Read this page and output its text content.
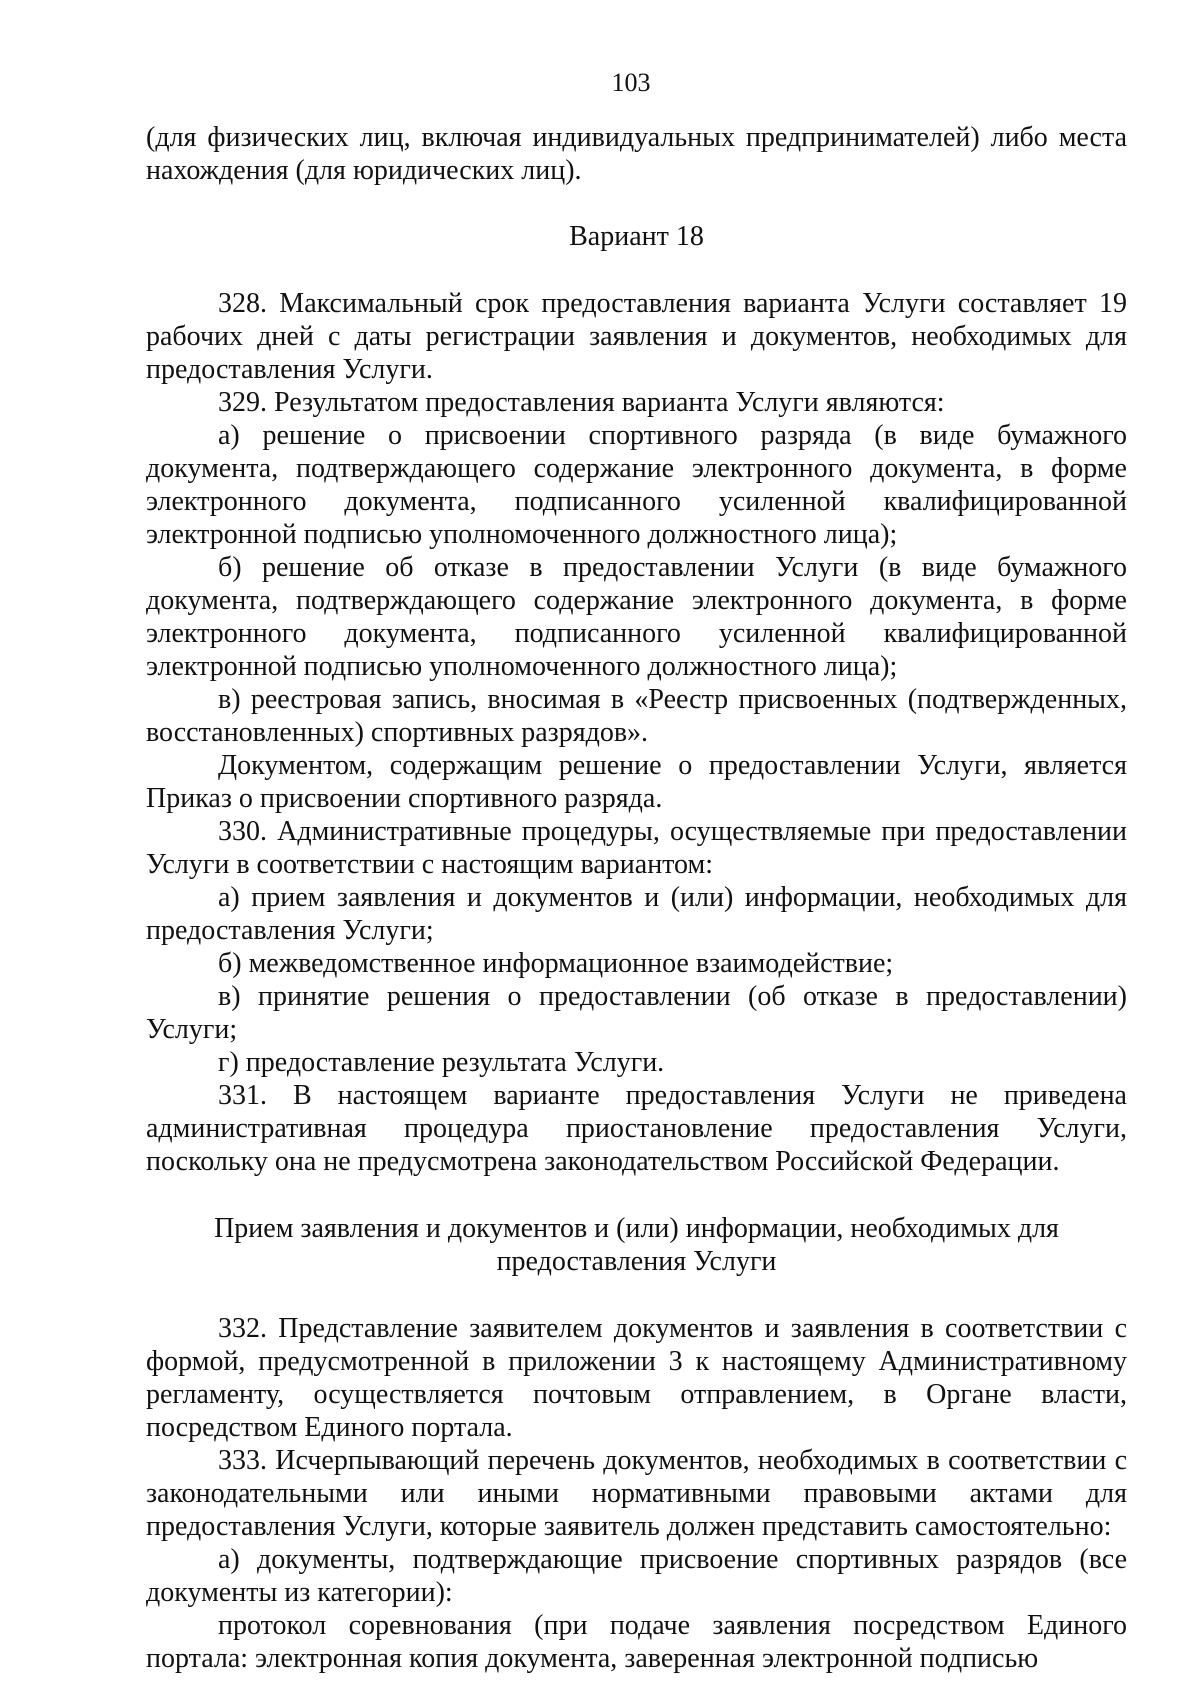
103

(для физических лиц, включая индивидуальных предпринимателей) либо места нахождения (для юридических лиц).

Вариант 18

328. Максимальный срок предоставления варианта Услуги составляет 19 рабочих дней с даты регистрации заявления и документов, необходимых для предоставления Услуги.

329. Результатом предоставления варианта Услуги являются:

а) решение о присвоении спортивного разряда (в виде бумажного документа, подтверждающего содержание электронного документа, в форме электронного документа, подписанного усиленной квалифицированной электронной подписью уполномоченного должностного лица);

б) решение об отказе в предоставлении Услуги (в виде бумажного документа, подтверждающего содержание электронного документа, в форме электронного документа, подписанного усиленной квалифицированной электронной подписью уполномоченного должностного лица);

в) реестровая запись, вносимая в «Реестр присвоенных (подтвержденных, восстановленных) спортивных разрядов».

Документом, содержащим решение о предоставлении Услуги, является Приказ о присвоении спортивного разряда.

330. Административные процедуры, осуществляемые при предоставлении Услуги в соответствии с настоящим вариантом:

а) прием заявления и документов и (или) информации, необходимых для предоставления Услуги;

б) межведомственное информационное взаимодействие;

в) принятие решения о предоставлении (об отказе в предоставлении) Услуги;

г) предоставление результата Услуги.

331. В настоящем варианте предоставления Услуги не приведена административная процедура приостановление предоставления Услуги, поскольку она не предусмотрена законодательством Российской Федерации.

Прием заявления и документов и (или) информации, необходимых для предоставления Услуги

332. Представление заявителем документов и заявления в соответствии с формой, предусмотренной в приложении 3 к настоящему Административному регламенту, осуществляется почтовым отправлением, в Органе власти, посредством Единого портала.

333. Исчерпывающий перечень документов, необходимых в соответствии с законодательными или иными нормативными правовыми актами для предоставления Услуги, которые заявитель должен представить самостоятельно:

а) документы, подтверждающие присвоение спортивных разрядов (все документы из категории):

протокол соревнования (при подаче заявления посредством Единого портала: электронная копия документа, заверенная электронной подписью
